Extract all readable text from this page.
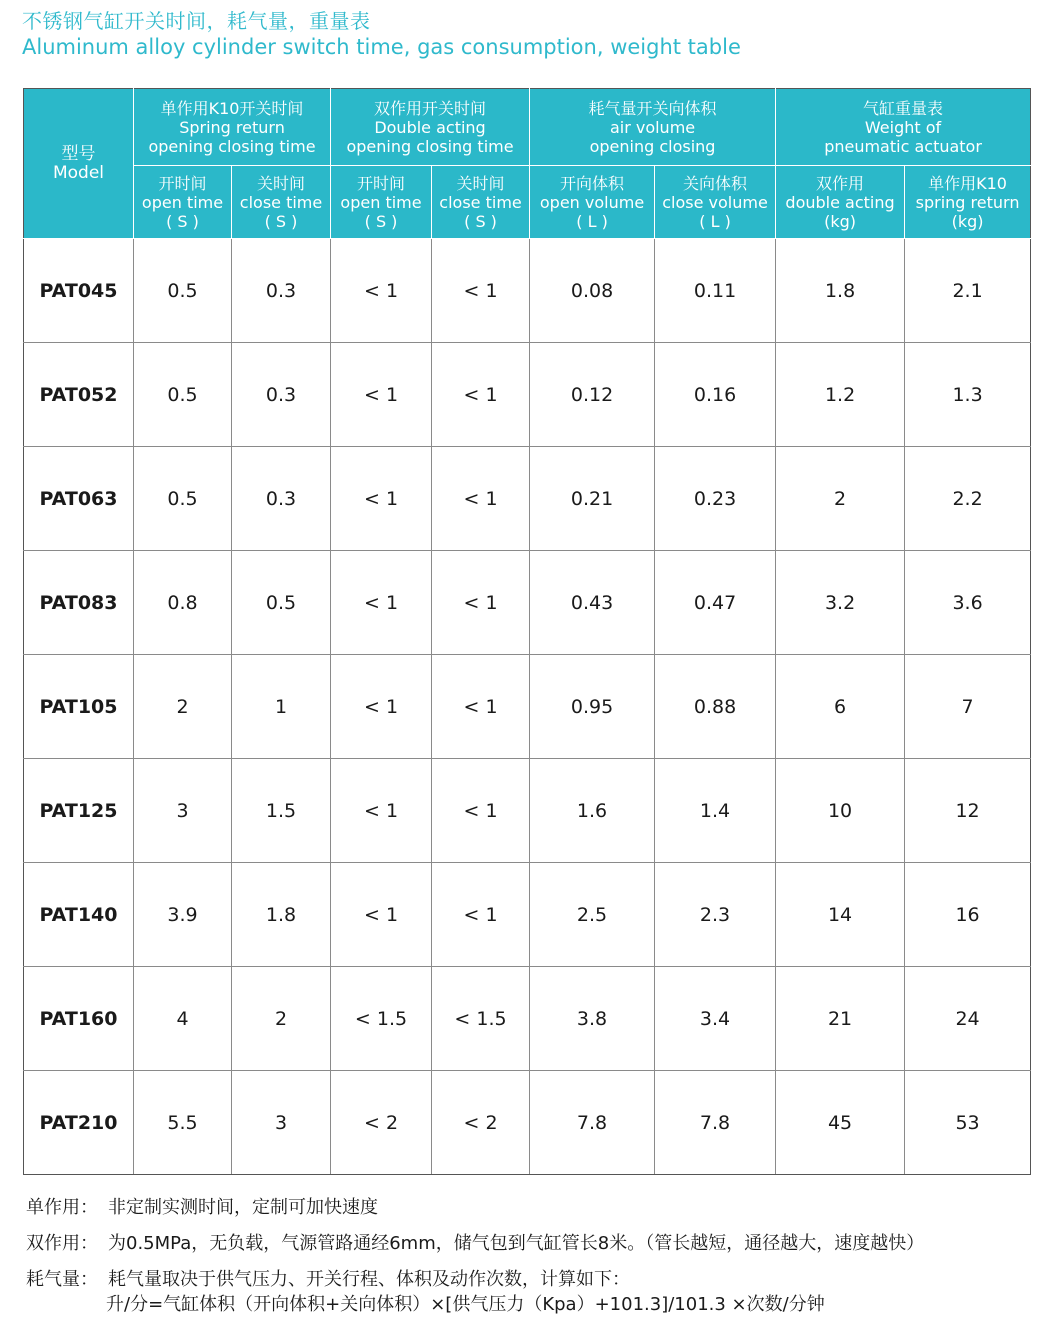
不锈钢气缸开关时间，耗气量，重量表
Aluminum alloy cylinder switch time, gas consumption, weight table
型号
Model	单作用K10开关时间
Spring return
opening closing time		双作用开关时间
Double acting
opening closing time		耗气量开关向体积
air volume
opening closing		气缸重量表
Weight of
pneumatic actuator	

	开时间
open time
( S )	关时间
close time
( S )	开时间
open time
( S )	关时间
close time
( S )	开向体积
open volume
( L )	关向体积
close volume
( L )	双作用
double acting
(kg)	单作用K10
spring return
(kg)

PAT045	0.5	0.3	< 1	< 1	0.08	0.11	1.8	2.1
PAT052	0.5	0.3	< 1	< 1	0.12	0.16	1.2	1.3
PAT063	0.5	0.3	< 1	< 1	0.21	0.23	2	2.2
PAT083	0.8	0.5	< 1	< 1	0.43	0.47	3.2	3.6
PAT105	2	1	< 1	< 1	0.95	0.88	6	7
PAT125	3	1.5	< 1	< 1	1.6	1.4	10	12
PAT140	3.9	1.8	< 1	< 1	2.5	2.3	14	16
PAT160	4	2	< 1.5	< 1.5	3.8	3.4	21	24
PAT210	5.5	3	< 2	< 2	7.8	7.8	45	53
单作用： 非定制实测时间，定制可加快速度
双作用： 为0.5MPa，无负载，气源管路通经6mm，储气包到气缸管长8米。（管长越短，通径越大，速度越快）
耗气量： 耗气量取决于供气压力、开关行程、体积及动作次数，计算如下：
升/分=气缸体积（开向体积+关向体积）×[供气压力（Kpa）+101.3]/101.3 ×次数/分钟
